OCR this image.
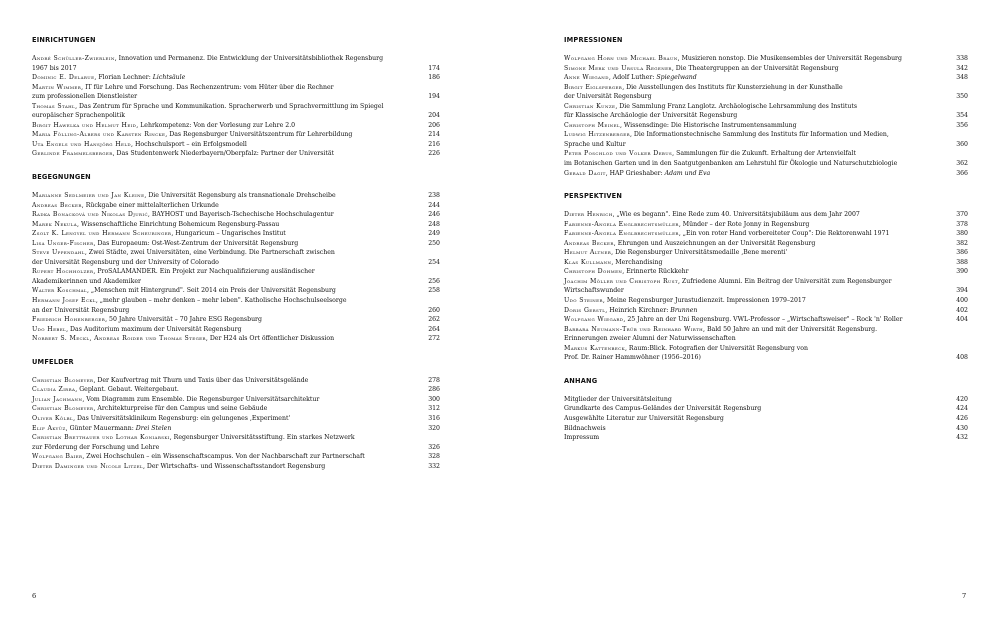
EINRICHTUNGEN
André Schüller-Zwierlein, Innovation und Permanenz. Die Entwicklung der Universitätsbibliothek Regensburg
1967 bis 2017	174
Dominic E. Delarue, Florian Lechner: Lichtsäule	186
Martin Wimmer, IT für Lehre und Forschung. Das Rechenzentrum: vom Hüter über die Rechner
zum professionellen Dienstleister	194
Thomas Stahl, Das Zentrum für Sprache und Kommunikation. Spracherwerb und Sprachvermittlung im Spiegel
europäischer Sprachenpolitik	204
Birgit Hawelka und Helmut Heid, Lehrkompetenz: Von der Vorlesung zur Lehre 2.0	206
Maria Fölling-Albers und Karsten Rincke, Das Regensburger Universitätszentrum für Lehrerbildung	214
Uta Engels und Hansjörg Held, Hochschulsport – ein Erfolgsmodell	216
Gerlinde Frammelsberger, Das Studentenwerk Niederbayern/Oberpfalz: Partner der Universität	226
BEGEGNUNGEN
Marianne Sedlmeier und Jan Kleine, Die Universität Regensburg als transnationale Drehscheibe	238
Andreas Becker, Rückgabe einer mittelalterlichen Urkunde	244
Radka Bonacková und Nikolas Djurić, BAYHOST und Bayerisch-Tschechische Hochschulagentur	246
Marek Nekula, Wissenschaftliche Einrichtung Bohemicum Regensburg-Passau	248
Zsolt K. Lengyel und Hermann Scheuringer, Hungaricum – Ungarisches Institut	249
Lisa Unger-Fischer, Das Europaeum: Ost-West-Zentrum der Universität Regensburg	250
Steve Uppendahl, Zwei Städte, zwei Universitäten, eine Verbindung. Die Partnerschaft zwischen
der Universität Regensburg und der University of Colorado	254
Rupert Hochholzer, ProSALAMANDER. Ein Projekt zur Nachqualifizierung ausländischer
Akademikerinnen und Akademiker	256
Walter Koschmal, „Menschen mit Hintergrund". Seit 2014 ein Preis der Universität Regensburg	258
Hermann Josef Eckl, „mehr glauben – mehr denken – mehr leben". Katholische Hochschulseelsorge
an der Universität Regensburg	260
Friedrich Hohenberger, 50 Jahre Universität – 70 Jahre ESG Regensburg	262
Udo Hebel, Das Auditorium maximum der Universität Regensburg	264
Norbert S. Meckl, Andreas Roider und Thomas Steger, Der H24 als Ort öffentlicher Diskussion	272
UMFELDER
Christian Blomeyer, Der Kaufvertrag mit Thurn und Taxis über das Universitätsgelände	278
Claudia Zirra, Geplant. Gebaut. Weitergebaut.	286
Julian Jachmann, Vom Diagramm zum Ensemble. Die Regensburger Universitätsarchitektur	300
Christian Blomeyer, Architekturpreise für den Campus und seine Gebäude	312
Oliver Kölbl, Das Universitätsklinikum Regensburg: ein gelungenes ‚Experiment'	316
Elif Akyüz, Günter Mauermann: Drei Stelen	320
Christian Bretthauer und Lothar Koniarski, Regensburger Universitätsstiftung. Ein starkes Netzwerk
zur Förderung der Forschung und Lehre	326
Wolfgang Baier, Zwei Hochschulen – ein Wissenschaftscampus. Von der Nachbarschaft zur Partnerschaft	328
Dieter Daminger und Nicole Litzel, Der Wirtschafts- und Wissenschaftsstandort Regensburg	332
6
IMPRESSIONEN
Wolfgang Horn und Michael Braun, Musizieren nonstop. Die Musikensembles der Universität Regensburg	338
Simone Merk und Ursula Regener, Die Theatergruppen an der Universität Regensburg	342
Anne Wiegand, Adolf Luther: Spiegelwand	348
Birgit Eiglsperger, Die Ausstellungen des Instituts für Kunsterziehung in der Kunsthalle
der Universität Regensburg	350
Christian Kunze, Die Sammlung Franz Langlotz. Archäologische Lehrsammlung des Instituts
für Klassische Archäologie der Universität Regensburg	354
Christoph Meinel, Wissensdinge: Die Historische Instrumentensammlung	356
Ludwig Hitzenberger, Die Informationstechnische Sammlung des Instituts für Information und Medien,
Sprache und Kultur	360
Peter Poschlod und Volker Debus, Sammlungen für die Zukunft. Erhaltung der Artenvielfalt
im Botanischen Garten und in den Saatgutgenbanken am Lehrstuhl für Ökologie und Naturschutzbiologie	362
Gerald Dagit, HAP Grieshaber: Adam und Eva	366
PERSPEKTIVEN
Dieter Henrich, „Wie es begann". Eine Rede zum 40. Universitätsjubiläum aus dem Jahr 2007	370
Fabienne-Angela Englbrechtsmüller, Münder – der Rote Jonny in Regensburg	378
Fabienne-Angela Englbrechtsmüller, „Ein von roter Hand vorbereiteter Coup": Die Rektorenwahl 1971	380
Andreas Becker, Ehrungen und Auszeichnungen an der Universität Regensburg	382
Helmut Altner, Die Regensburger Universitätsmedaille ‚Bene merenti'	386
Klas Kullmann, Merchandising	388
Christoph Dohmen, Erinnerte Rückkehr	390
Joachim Möller und Christoph Rust, Zufriedene Alumni. Ein Beitrag der Universität zum Regensburger
Wirtschaftswunder	394
Udo Steiner, Meine Regensburger Jurastudienzeit. Impressionen 1979–2017	400
Doris Gerstl, Heinrich Kirchner: Brunnen	402
Wolfgang Wiegard, 25 Jahre an der Uni Regensburg. VWL-Professor – „Wirtschaftsweiser" – Rock 'n' Roller	404
Barbara Neumann-Trüb und Reinhard Wirth, Bald 50 Jahre an und mit der Universität Regensburg.
Erinnerungen zweier Alumni der Naturwissenschaften
Markus Kattenbeck, Raum:Blick. Fotografien der Universität Regensburg von
Prof. Dr. Rainer Hammwöhner (1956–2016)	408
ANHANG
Mitglieder der Universitätsleitung	420
Grundkarte des Campus-Geländes der Universität Regensburg	424
Ausgewählte Literatur zur Universität Regensburg	426
Bildnachweis	430
Impressum	432
7
